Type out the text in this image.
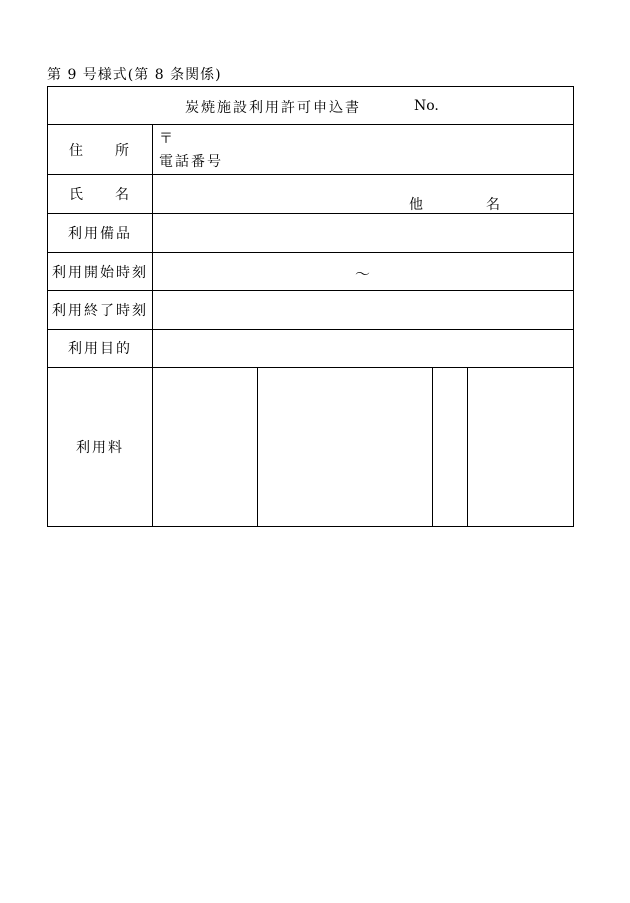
第 9 号様式(第 8 条関係)
炭焼施設利用許可申込書 No.				

住 所	〒
電話番号			

氏 名	他 名			

利用備品				
利用開始時刻	～			

利用終了時刻				
利用目的				
利用料				
